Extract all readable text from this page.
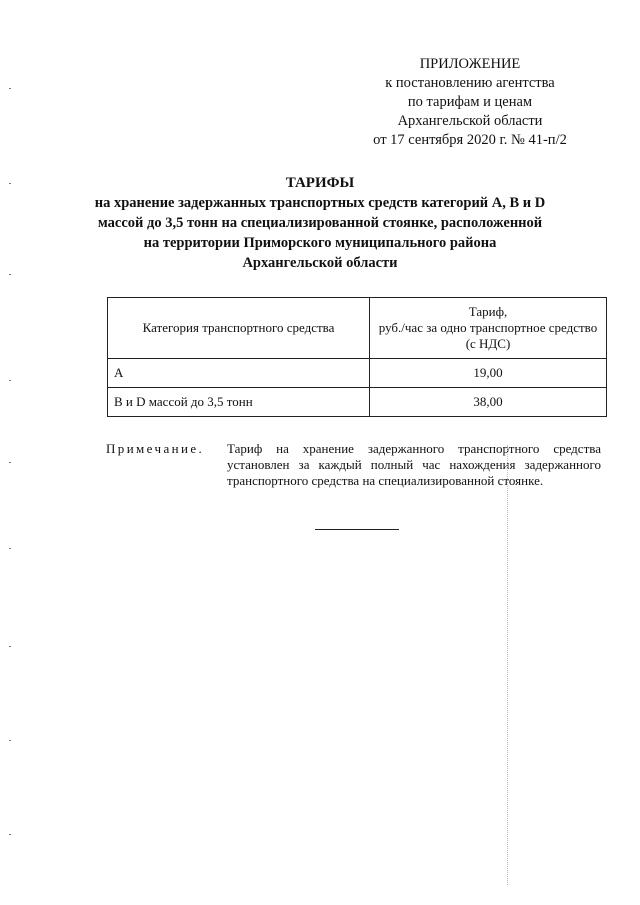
ПРИЛОЖЕНИЕ
к постановлению агентства
по тарифам и ценам
Архангельской области
от 17 сентября 2020 г. № 41-п/2
ТАРИФЫ
на хранение задержанных транспортных средств категорий А, В и D
массой до 3,5 тонн на специализированной стоянке, расположенной
на территории Приморского муниципального района
Архангельской области
Категория транспортного средства	Тариф,
руб./час за одно транспортное средство
(с НДС)

А	19,00
В и D массой до 3,5 тонн	38,00
Примечание. Тариф на хранение задержанного транспортного средства установлен за каждый полный час нахождения задержанного транспортного средства на специализированной стоянке.
